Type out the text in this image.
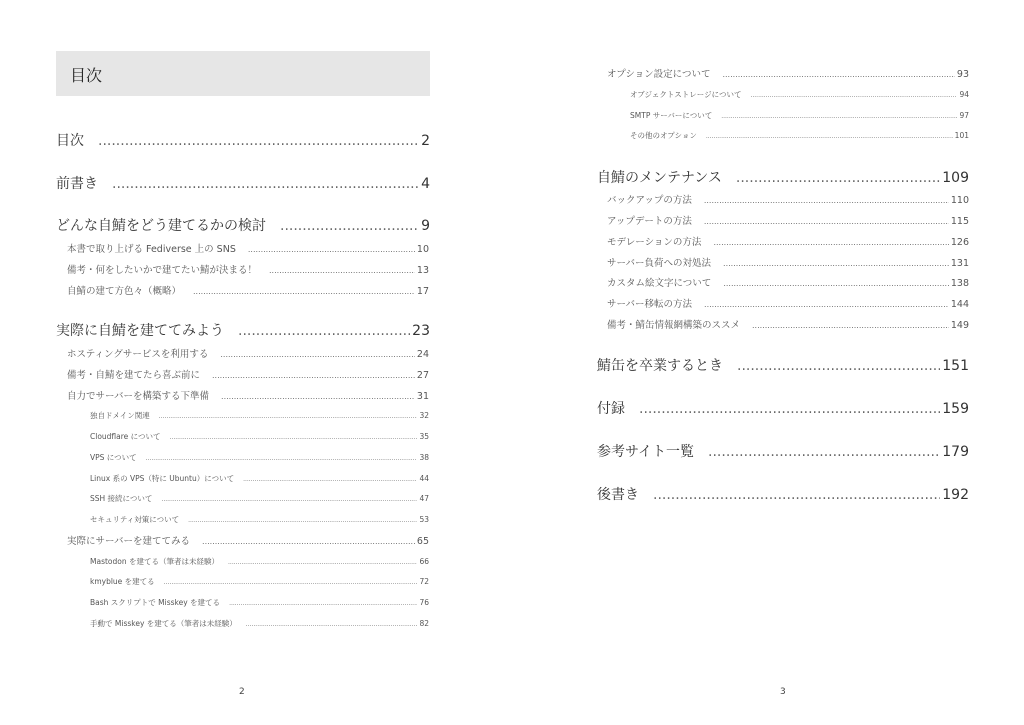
目次
目次 .....	2
前書き .....	4
どんな自鯖をどう建てるかの検討 .....	9
本書で取り上げる Fediverse 上の SNS .....	10
備考・何をしたいかで建てたい鯖が決まる！ .....	13
自鯖の建て方色々（概略） .....	17
実際に自鯖を建ててみよう .....	23
ホスティングサービスを利用する .....	24
備考・自鯖を建てたら喜ぶ前に .....	27
自力でサーバーを構築する下準備 .....	31
独自ドメイン関連 .....	32
Cloudflare について .....	35
VPS について .....	38
Linux 系の VPS（特に Ubuntu）について .....	44
SSH 接続について .....	47
セキュリティ対策について .....	53
実際にサーバーを建ててみる .....	65
Mastodon を建てる（筆者は未経験） .....	66
kmyblue を建てる .....	72
Bash スクリプトで Misskey を建てる .....	76
手動で Misskey を建てる（筆者は未経験） .....	82
2
オプション設定について .....	93
オブジェクトストレージについて .....	94
SMTP サーバーについて .....	97
その他のオプション .....	101
自鯖のメンテナンス .....	109
バックアップの方法 .....	110
アップデートの方法 .....	115
モデレーションの方法 .....	126
サーバー負荷への対処法 .....	131
カスタム絵文字について .....	138
サーバー移転の方法 .....	144
備考・鯖缶情報網構築のススメ .....	149
鯖缶を卒業するとき .....	151
付録 .....	159
参考サイト一覧 .....	179
後書き .....	192
3
